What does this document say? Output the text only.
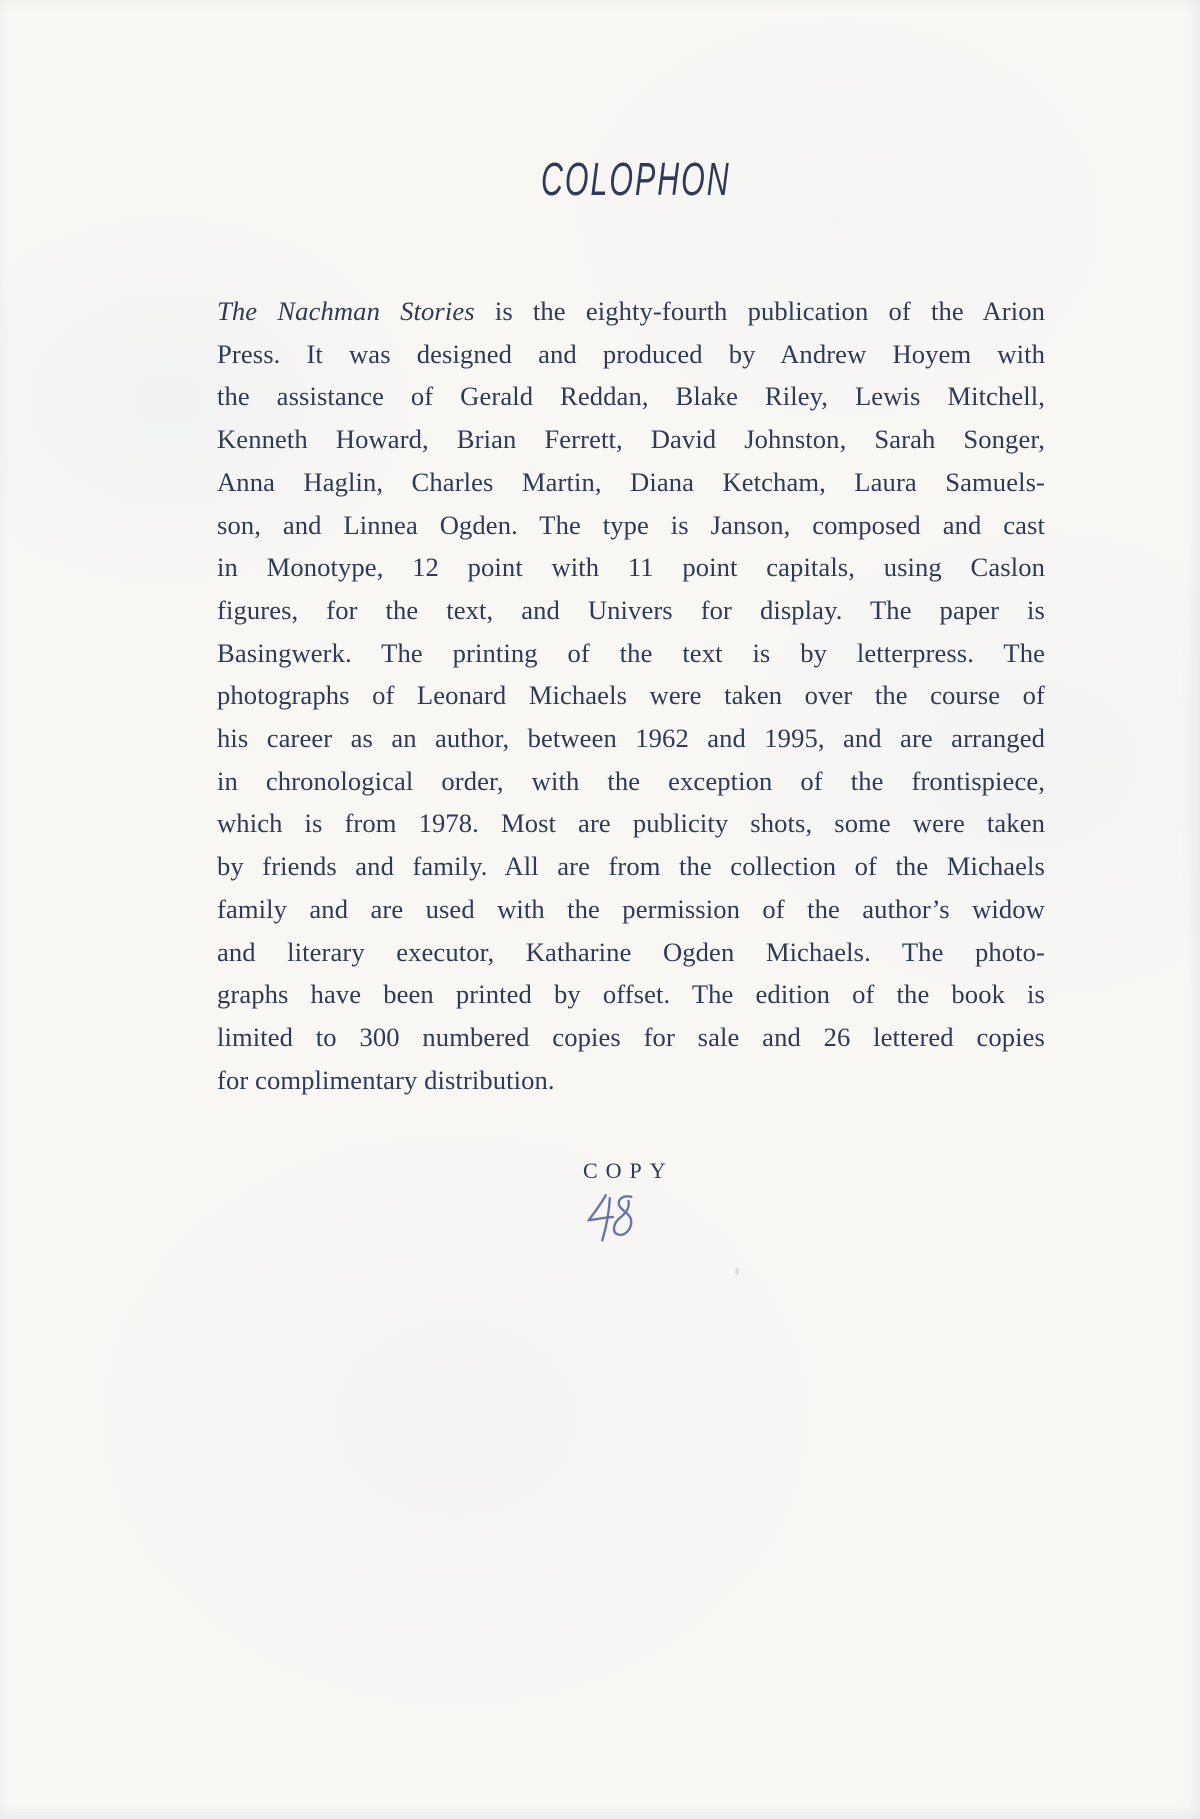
COLOPHON
The Nachman Stories is the eighty-fourth publication of the Arion
Press. It was designed and produced by Andrew Hoyem with
the assistance of Gerald Reddan, Blake Riley, Lewis Mitchell,
Kenneth Howard, Brian Ferrett, David Johnston, Sarah Songer,
Anna Haglin, Charles Martin, Diana Ketcham, Laura Samuels-
son, and Linnea Ogden. The type is Janson, composed and cast
in Monotype, 12 point with 11 point capitals, using Caslon
figures, for the text, and Univers for display. The paper is
Basingwerk. The printing of the text is by letterpress. The
photographs of Leonard Michaels were taken over the course of
his career as an author, between 1962 and 1995, and are arranged
in chronological order, with the exception of the frontispiece,
which is from 1978. Most are publicity shots, some were taken
by friends and family. All are from the collection of the Michaels
family and are used with the permission of the author’s widow
and literary executor, Katharine Ogden Michaels. The photo-
graphs have been printed by offset. The edition of the book is
limited to 300 numbered copies for sale and 26 lettered copies
for complimentary distribution.
COPY
